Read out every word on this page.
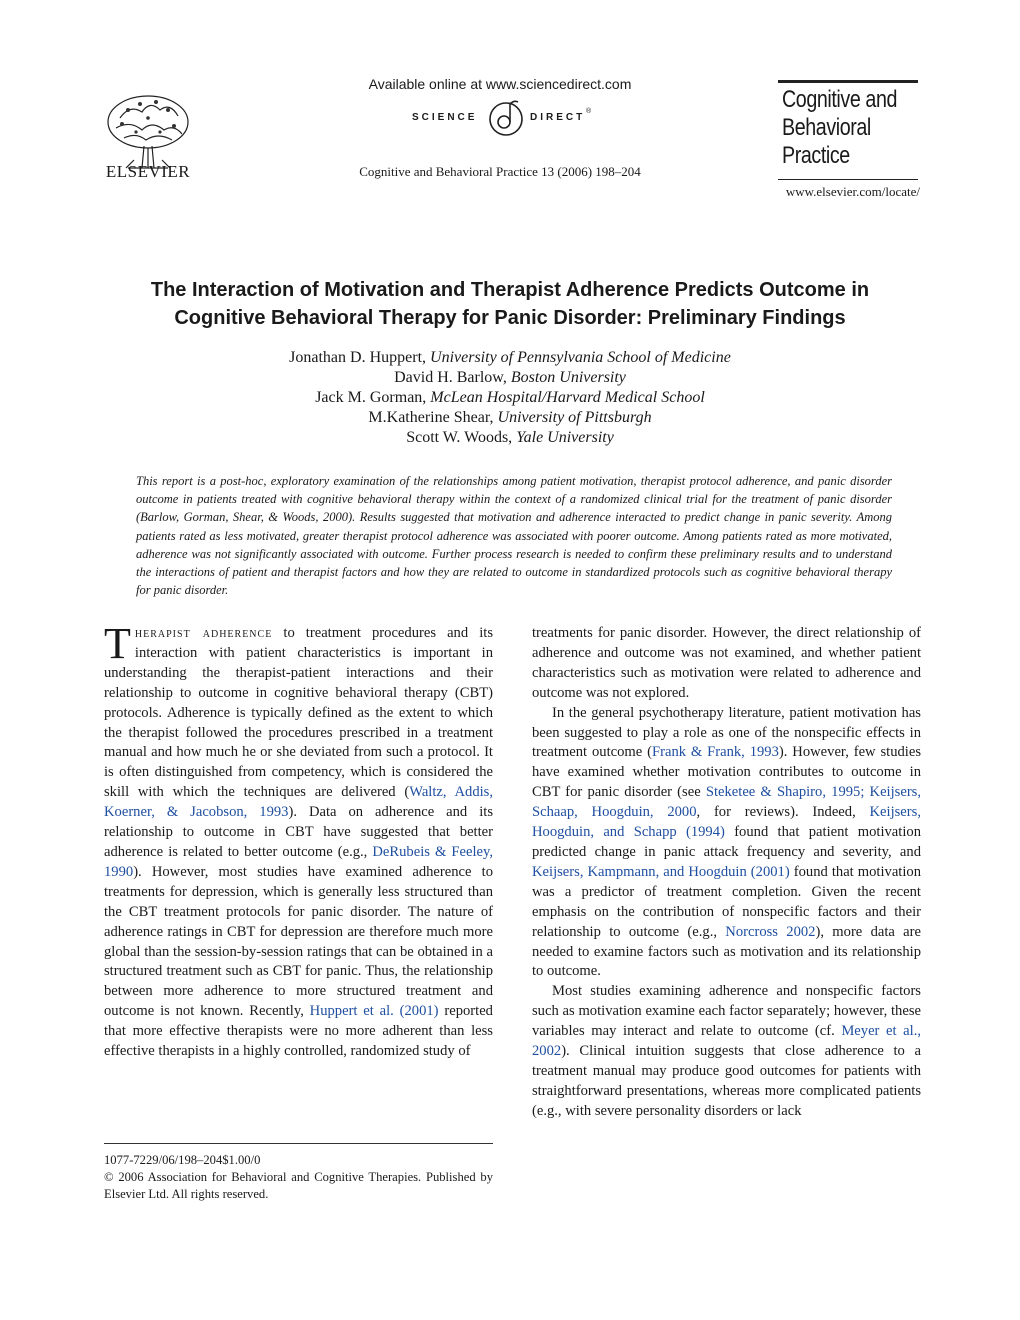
ELSEVIER
Available online at www.sciencedirect.com
SCIENCE	DIRECT
®
Cognitive and Behavioral Practice 13 (2006) 198–204
Cognitive and
Behavioral
Practice
www.elsevier.com/locate/
The Interaction of Motivation and Therapist Adherence Predicts Outcome in
Cognitive Behavioral Therapy for Panic Disorder: Preliminary Findings
Jonathan D. Huppert, University of Pennsylvania School of Medicine
David H. Barlow, Boston University
Jack M. Gorman, McLean Hospital/Harvard Medical School
M.Katherine Shear, University of Pittsburgh
Scott W. Woods, Yale University
This report is a post-hoc, exploratory examination of the relationships among patient motivation, therapist protocol adherence, and panic disorder outcome in patients treated with cognitive behavioral therapy within the context of a randomized clinical trial for the treatment of panic disorder (Barlow, Gorman, Shear, & Woods, 2000). Results suggested that motivation and adherence interacted to predict change in panic severity. Among patients rated as less motivated, greater therapist protocol adherence was associated with poorer outcome. Among patients rated as more motivated, adherence was not significantly associated with outcome. Further process research is needed to confirm these preliminary results and to understand the interactions of patient and therapist factors and how they are related to outcome in standardized protocols such as cognitive behavioral therapy for panic disorder.

Therapist adherence to treatment procedures and its interaction with patient characteristics is important in understanding the therapist-patient interactions and their relationship to outcome in cognitive behavioral therapy (CBT) protocols. Adherence is typically defined as the extent to which the therapist followed the procedures prescribed in a treatment manual and how much he or she deviated from such a protocol. It is often distinguished from competency, which is considered the skill with which the techniques are delivered (Waltz, Addis, Koerner, & Jacobson, 1993). Data on adherence and its relationship to outcome in CBT have suggested that better adherence is related to better outcome (e.g., DeRubeis & Feeley, 1990). However, most studies have examined adherence to treatments for depression, which is generally less structured than the CBT treatment protocols for panic disorder. The nature of adherence ratings in CBT for depression are therefore much more global than the session-by-session ratings that can be obtained in a structured treatment such as CBT for panic. Thus, the relationship between more adherence to more structured treatment and outcome is not known. Recently, Huppert et al. (2001) reported that more effective therapists were no more adherent than less effective therapists in a highly controlled, randomized study of

treatments for panic disorder. However, the direct relationship of adherence and outcome was not examined, and whether patient characteristics such as motivation were related to adherence and outcome was not explored.

In the general psychotherapy literature, patient motivation has been suggested to play a role as one of the nonspecific effects in treatment outcome (Frank & Frank, 1993). However, few studies have examined whether motivation contributes to outcome in CBT for panic disorder (see Steketee & Shapiro, 1995; Keijsers, Schaap, Hoogduin, 2000, for reviews). Indeed, Keijsers, Hoogduin, and Schapp (1994) found that patient motivation predicted change in panic attack frequency and severity, and Keijsers, Kampmann, and Hoogduin (2001) found that motivation was a predictor of treatment completion. Given the recent emphasis on the contribution of nonspecific factors and their relationship to outcome (e.g., Norcross 2002), more data are needed to examine factors such as motivation and its relationship to outcome.

Most studies examining adherence and nonspecific factors such as motivation examine each factor separately; however, these variables may interact and relate to outcome (cf. Meyer et al., 2002). Clinical intuition suggests that close adherence to a treatment manual may produce good outcomes for patients with straightforward presentations, whereas more complicated patients (e.g., with severe personality disorders or lack

1077-7229/06/198–204$1.00/0

© 2006 Association for Behavioral and Cognitive Therapies. Published by Elsevier Ltd. All rights reserved.
